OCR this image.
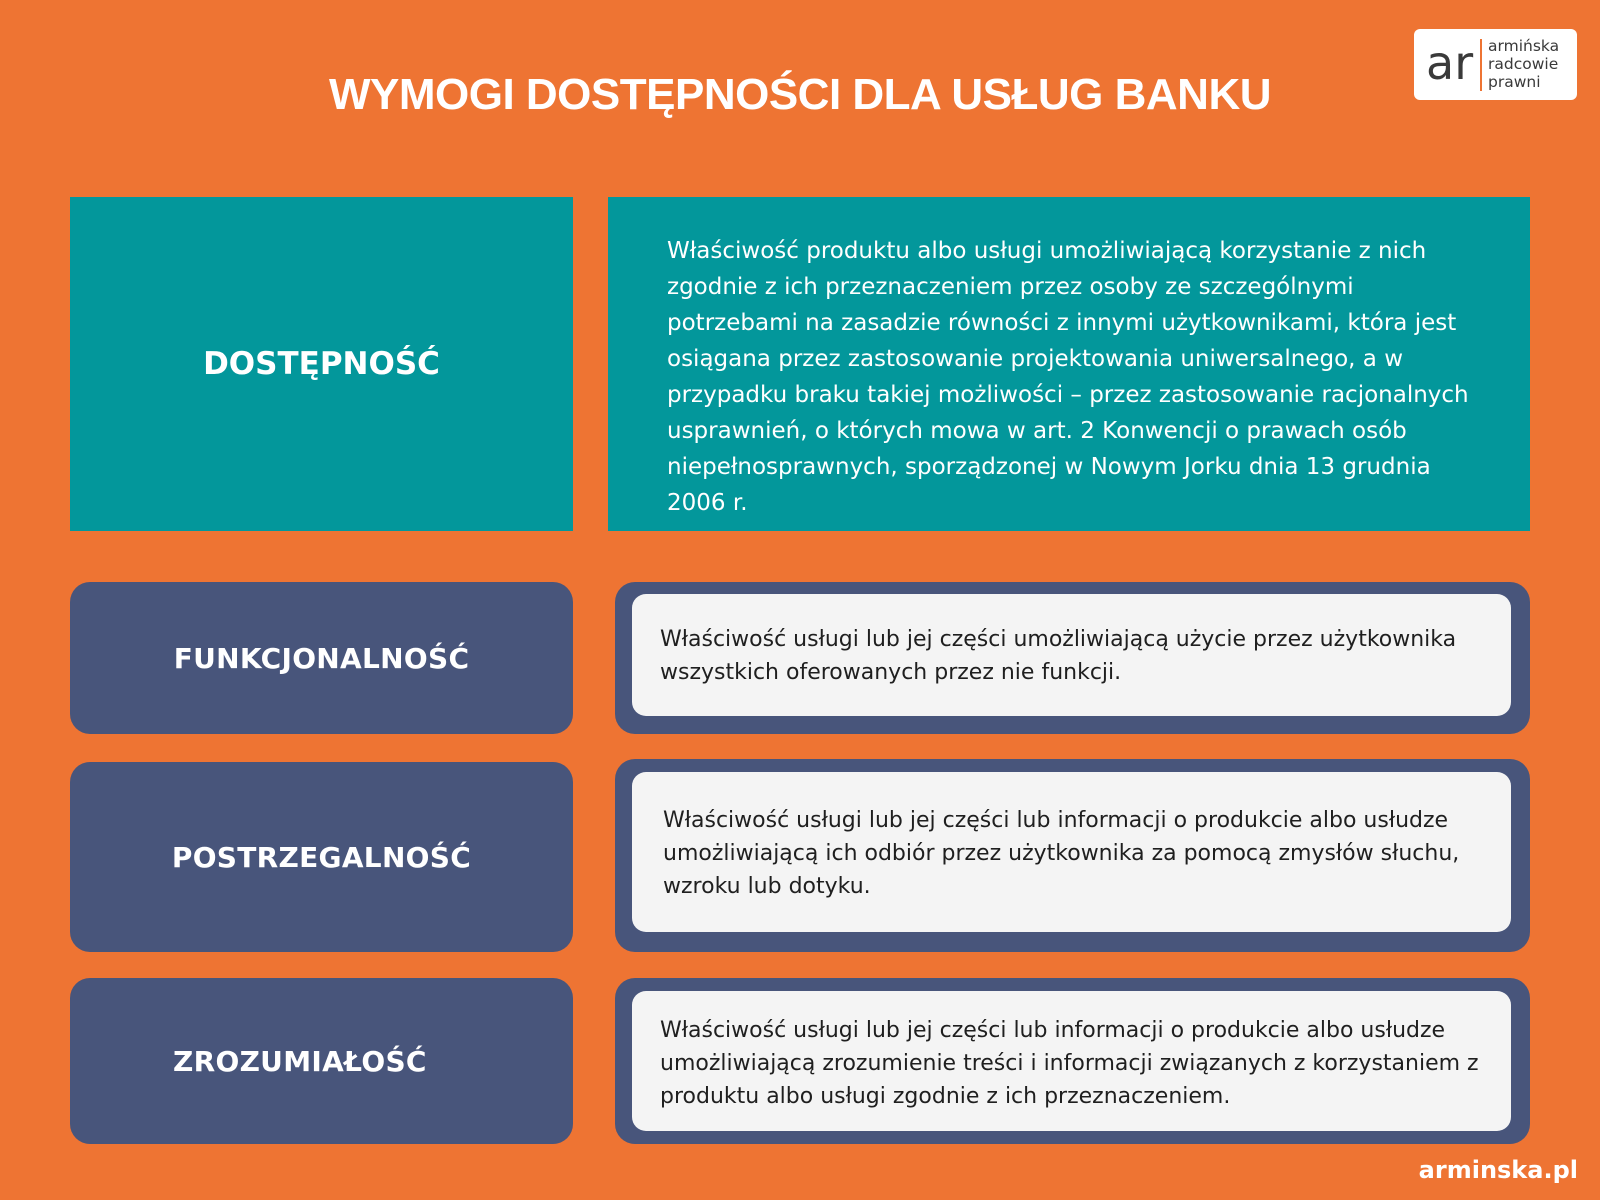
WYMOGI DOSTĘPNOŚCI DLA USŁUG BANKU
ar armińska
radcowie
prawni
DOSTĘPNOŚĆ
Właściwość produktu albo usługi umożliwiającą korzystanie z nich zgodnie z ich przeznaczeniem przez osoby ze szczególnymi potrzebami na zasadzie równości z innymi użytkownikami, która jest osiągana przez zastosowanie projektowania uniwersalnego, a w przypadku braku takiej możliwości – przez zastosowanie racjonalnych usprawnień, o których mowa w art. 2 Konwencji o prawach osób niepełnosprawnych, sporządzonej w Nowym Jorku dnia 13 grudnia 2006 r.
FUNKCJONALNOŚĆ
Właściwość usługi lub jej części umożliwiającą użycie przez użytkownika wszystkich oferowanych przez nie funkcji.
POSTRZEGALNOŚĆ
Właściwość usługi lub jej części lub informacji o produkcie albo usłudze umożliwiającą ich odbiór przez użytkownika za pomocą zmysłów słuchu, wzroku lub dotyku.
ZROZUMIAŁOŚĆ
Właściwość usługi lub jej części lub informacji o produkcie albo usłudze umożliwiającą zrozumienie treści i informacji związanych z korzystaniem z produktu albo usługi zgodnie z ich przeznaczeniem.
arminska.pl
